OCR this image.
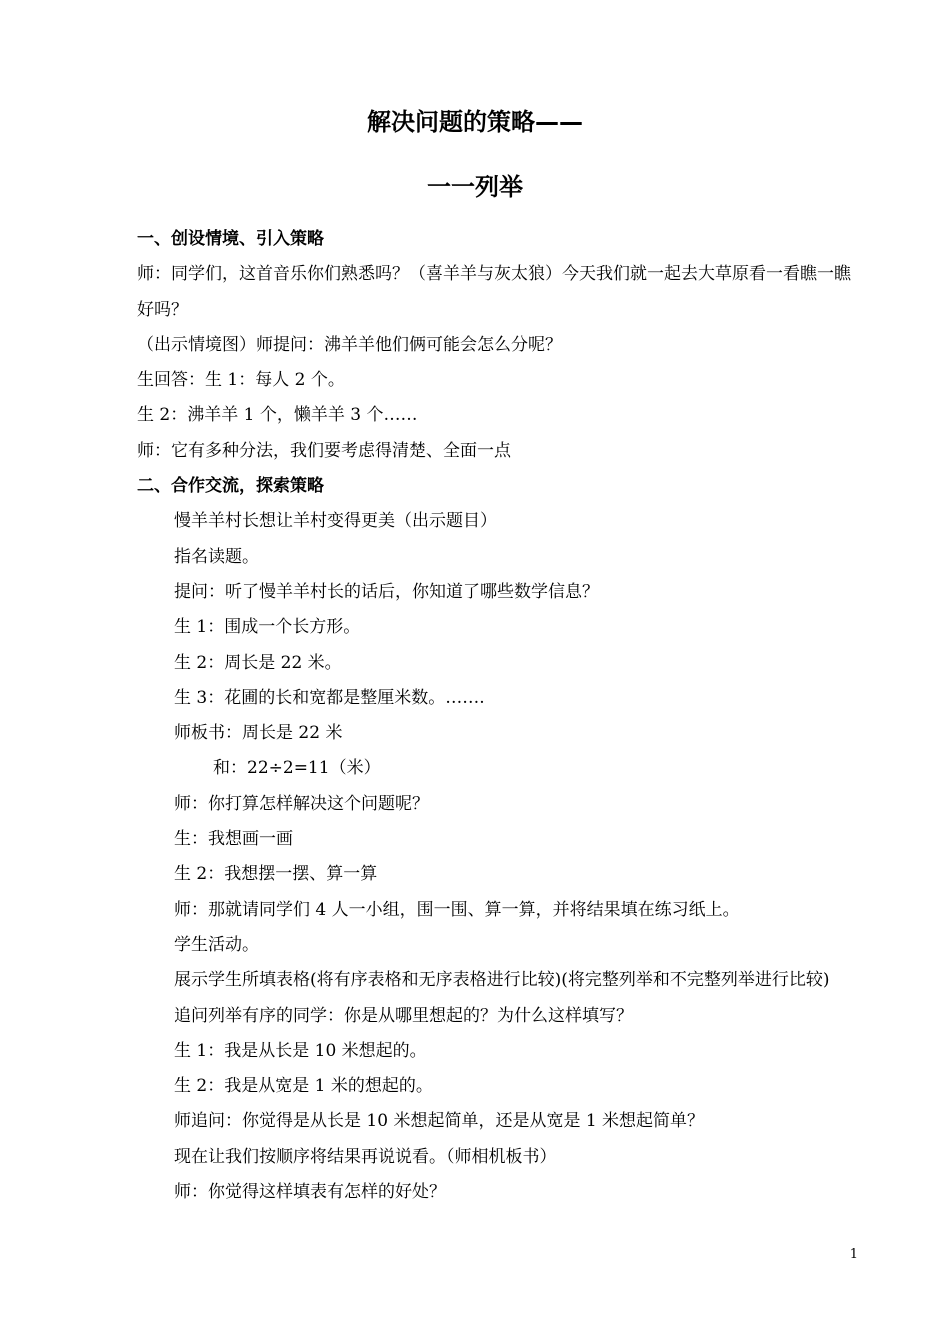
解决问题的策略——
一一列举
一、创设情境、引入策略
师：同学们，这首音乐你们熟悉吗？（喜羊羊与灰太狼）今天我们就一起去大草原看一看瞧一瞧好吗？
（出示情境图）师提问：沸羊羊他们俩可能会怎么分呢？
生回答：生 1：每人 2 个。
生 2：沸羊羊 1 个，懒羊羊 3 个……
师：它有多种分法，我们要考虑得清楚、全面一点
二、合作交流，探索策略
慢羊羊村长想让羊村变得更美（出示题目）
指名读题。
提问：听了慢羊羊村长的话后，你知道了哪些数学信息？
生 1：围成一个长方形。
生 2：周长是 22 米。
生 3：花圃的长和宽都是整厘米数。…….
师板书：周长是 22 米
和：22÷2=11（米）
师：你打算怎样解决这个问题呢？
生：我想画一画
生 2：我想摆一摆、算一算
师：那就请同学们 4 人一小组，围一围、算一算，并将结果填在练习纸上。
学生活动。
展示学生所填表格(将有序表格和无序表格进行比较)(将完整列举和不完整列举进行比较)
追问列举有序的同学：你是从哪里想起的？为什么这样填写？
生 1：我是从长是 10 米想起的。
生 2：我是从宽是 1 米的想起的。
师追问：你觉得是从长是 10 米想起简单，还是从宽是 1 米想起简单？
现在让我们按顺序将结果再说说看。（师相机板书）
师：你觉得这样填表有怎样的好处？
1
